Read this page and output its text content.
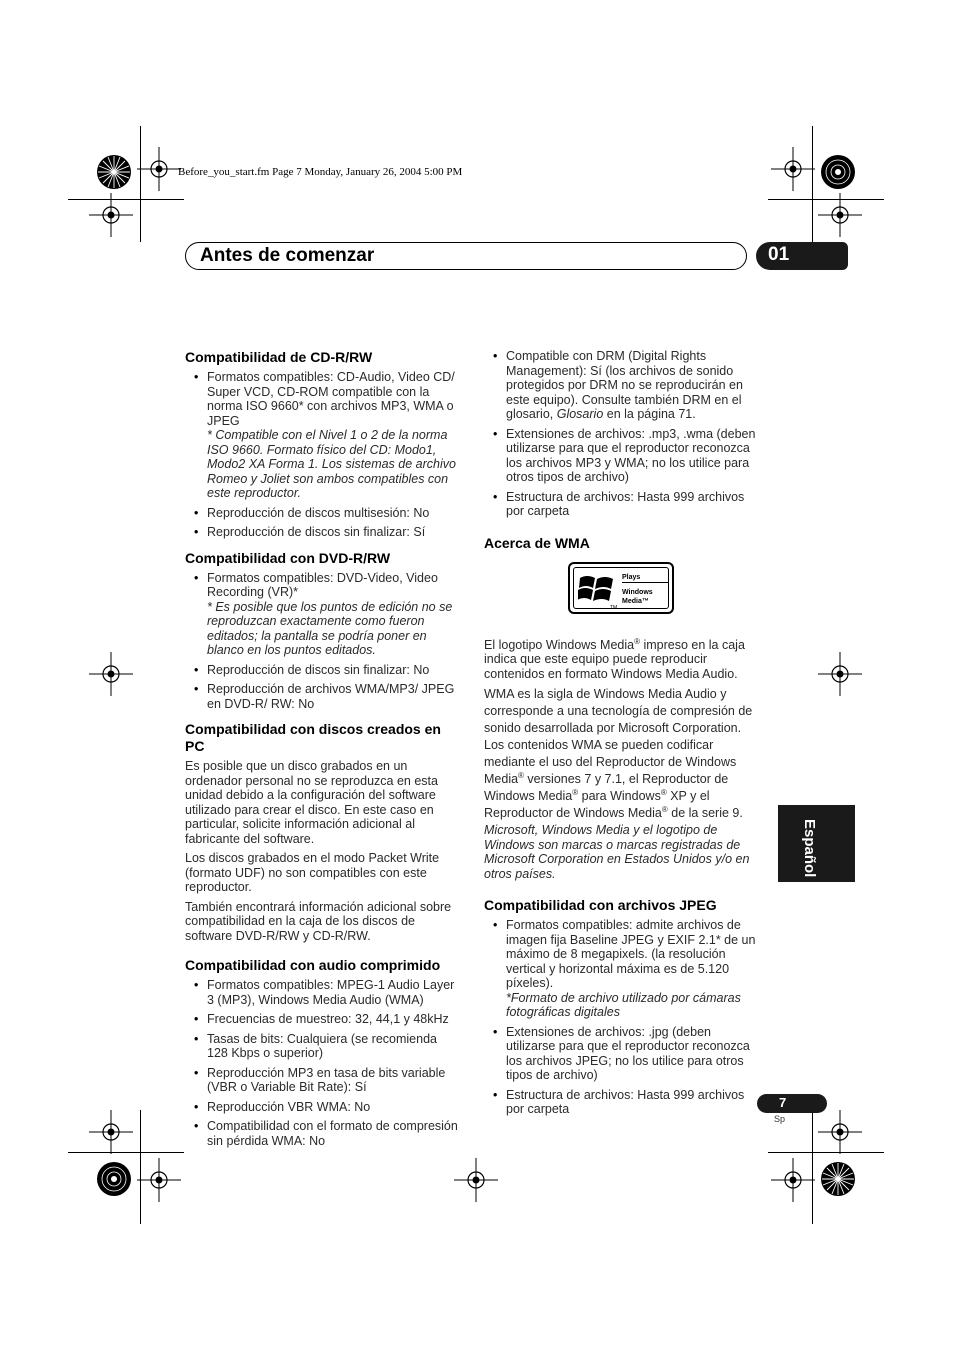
Before_you_start.fm Page 7 Monday, January 26, 2004 5:00 PM
Antes de comenzar	01
Compatibilidad de CD-R/RW
• Formatos compatibles: CD-Audio, Video CD/ Super VCD, CD-ROM compatible con la norma ISO 9660* con archivos MP3, WMA o JPEG
* Compatible con el Nivel 1 o 2 de la norma ISO 9660. Formato físico del CD: Modo1, Modo2 XA Forma 1. Los sistemas de archivo Romeo y Joliet son ambos compatibles con este reproductor.
• Reproducción de discos multisesión: No
• Reproducción de discos sin finalizar: Sí
Compatibilidad con DVD-R/RW
• Formatos compatibles: DVD-Video, Video Recording (VR)*
* Es posible que los puntos de edición no se reproduzcan exactamente como fueron editados; la pantalla se podría poner en blanco en los puntos editados.
• Reproducción de discos sin finalizar: No
• Reproducción de archivos WMA/MP3/ JPEG en DVD-R/ RW: No
Compatibilidad con discos creados en PC

Es posible que un disco grabados en un ordenador personal no se reproduzca en esta unidad debido a la configuración del software utilizado para crear el disco. En este caso en particular, solicite información adicional al fabricante del software.

Los discos grabados en el modo Packet Write (formato UDF) no son compatibles con este reproductor.

También encontrará información adicional sobre compatibilidad en la caja de los discos de software DVD-R/RW y CD-R/RW.

Compatibilidad con audio comprimido
• Formatos compatibles: MPEG-1 Audio Layer 3 (MP3), Windows Media Audio (WMA)
• Frecuencias de muestreo: 32, 44,1 y 48kHz
• Tasas de bits: Cualquiera (se recomienda 128 Kbps o superior)
• Reproducción MP3 en tasa de bits variable (VBR o Variable Bit Rate): Sí
• Reproducción VBR WMA: No
• Compatibilidad con el formato de compresión sin pérdida WMA: No
• Compatible con DRM (Digital Rights Management): Sí (los archivos de sonido protegidos por DRM no se reproducirán en este equipo). Consulte también DRM en el glosario, Glosario en la página 71.
• Extensiones de archivos: .mp3, .wma (deben utilizarse para que el reproductor reconozca los archivos MP3 y WMA; no los utilice para otros tipos de archivo)
• Estructura de archivos: Hasta 999 archivos por carpeta
Acerca de WMA
Plays
Windows Media™
TM

El logotipo Windows Media® impreso en la caja indica que este equipo puede reproducir contenidos en formato Windows Media Audio.

WMA es la sigla de Windows Media Audio y corresponde a una tecnología de compresión de sonido desarrollada por Microsoft Corporation. Los contenidos WMA se pueden codificar mediante el uso del Reproductor de Windows Media® versiones 7 y 7.1, el Reproductor de Windows Media® para Windows® XP y el Reproductor de Windows Media® de la serie 9.

Microsoft, Windows Media y el logotipo de Windows son marcas o marcas registradas de Microsoft Corporation en Estados Unidos y/o en otros países.

Compatibilidad con archivos JPEG
• Formatos compatibles: admite archivos de imagen fija Baseline JPEG y EXIF 2.1* de un máximo de 8 megapixels. (la resolución vertical y horizontal máxima es de 5.120 píxeles).
*Formato de archivo utilizado por cámaras fotográficas digitales
• Extensiones de archivos: .jpg (deben utilizarse para que el reproductor reconozca los archivos JPEG; no los utilice para otros tipos de archivo)
• Estructura de archivos: Hasta 999 archivos por carpeta
Español
7
Sp
